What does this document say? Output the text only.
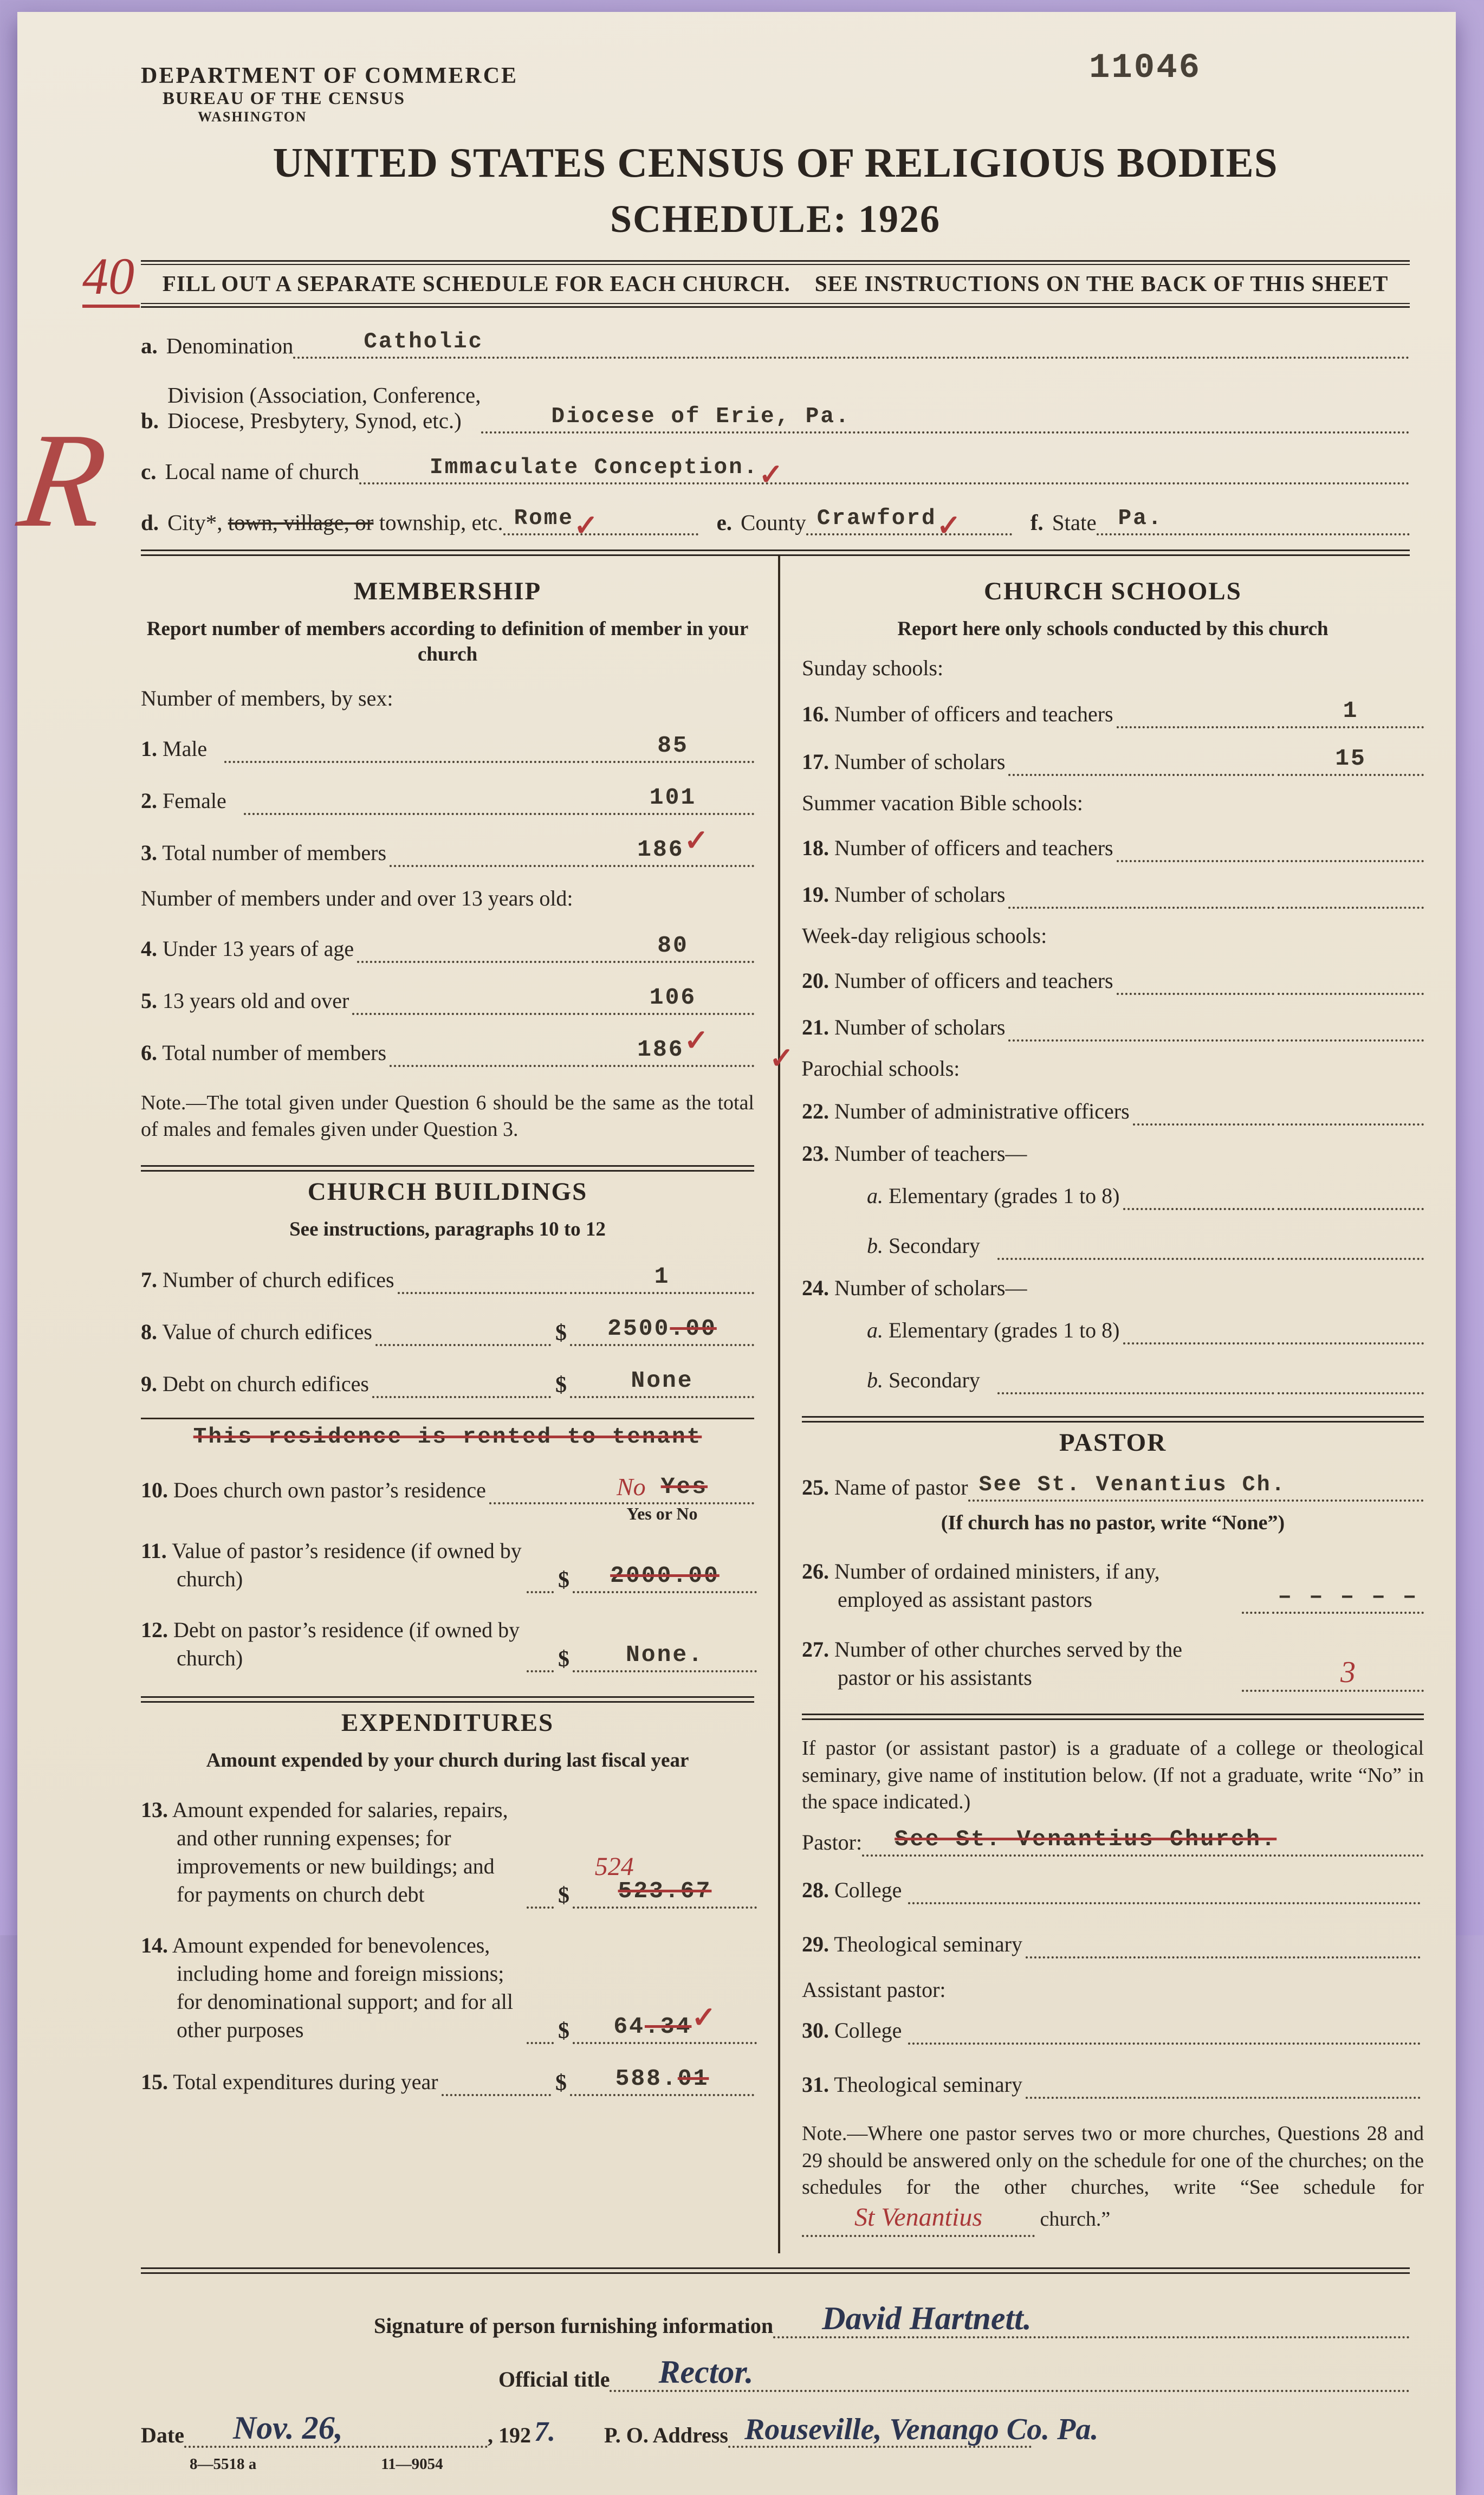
11046
DEPARTMENT OF COMMERCE
BUREAU OF THE CENSUS
WASHINGTON
UNITED STATES CENSUS OF RELIGIOUS BODIES
SCHEDULE: 1926
40
R
FILL OUT A SEPARATE SCHEDULE FOR EACH CHURCH.    SEE INSTRUCTIONS ON THE BACK OF THIS SHEET
a. Denomination	Catholic
b.
Division (Association, Conference,
Diocese, Presbytery, Synod, etc.)	Diocese of Erie, Pa.
c. Local name of church	Immaculate Conception. ✓
d. City*,
town, village, or
township, etc. Rome ✓	e. County Crawford ✓	f. State Pa.
MEMBERSHIP
Report number of members according to definition of member in your church
Number of members, by sex:
1. Male	85
2. Female	101
3. Total number of members	186✓
Number of members under and over 13 years old:
4. Under 13 years of age	80
5. 13 years old and over	106
6. Total number of members	186✓
Note.—The total given under Question 6 should be the same as the total of males and females given under Question 3.
CHURCH BUILDINGS
See instructions, paragraphs 10 to 12
7. Number of church edifices	1
8. Value of church edifices	$	2500.00
9. Debt on church edifices	$	None
This residence is rented to tenant
10. Does church own pastor’s residence	No Yes
Yes or No
11. Value of pastor’s residence (if owned by church)	$	2000.00
12. Debt on pastor’s residence (if owned by church)	$	None.
EXPENDITURES
Amount expended by your church during last fiscal year
13. Amount expended for salaries, repairs, and other running expenses; for improvements or new buildings; and for payments on church debt	$
524
523.67
14. Amount expended for benevolences, including home and foreign missions; for denominational support; and for all other purposes	$	64.34✓
15. Total expenditures during year	$	588.01
CHURCH SCHOOLS
Report here only schools conducted by this church
Sunday schools:
16. Number of officers and teachers	1
17. Number of scholars	15
Summer vacation Bible schools:
18. Number of officers and teachers
19. Number of scholars
Week-day religious schools:
20. Number of officers and teachers
21. Number of scholars
✓ Parochial schools:
22. Number of administrative officers
23. Number of teachers—
a. Elementary (grades 1 to 8)
b. Secondary
24. Number of scholars—
a. Elementary (grades 1 to 8)
b. Secondary
PASTOR
25. Name of pastor See St. Venantius Ch.
(If church has no pastor, write “None”)
26. Number of ordained ministers, if any, employed as assistant pastors	– – – – –
27. Number of other churches served by the pastor or his assistants	3
If pastor (or assistant pastor) is a graduate of a college or theological seminary, give name of institution below. (If not a graduate, write “No” in the space indicated.)
Pastor: See St. Venantius Church.
28. College
29. Theological seminary
Assistant pastor:
30. College
31. Theological seminary
Note.—Where one pastor serves two or more churches, Questions 28 and 29 should be answered only on the schedule for one of the churches; on the schedules for the other churches, write “See schedule for St Venantius	church.”
Signature of person furnishing information David Hartnett.
Official title Rector.
Date Nov. 26,	, 192 7. P. O. Address Rouseville, Venango Co. Pa.
8—5518 a	11—9054
